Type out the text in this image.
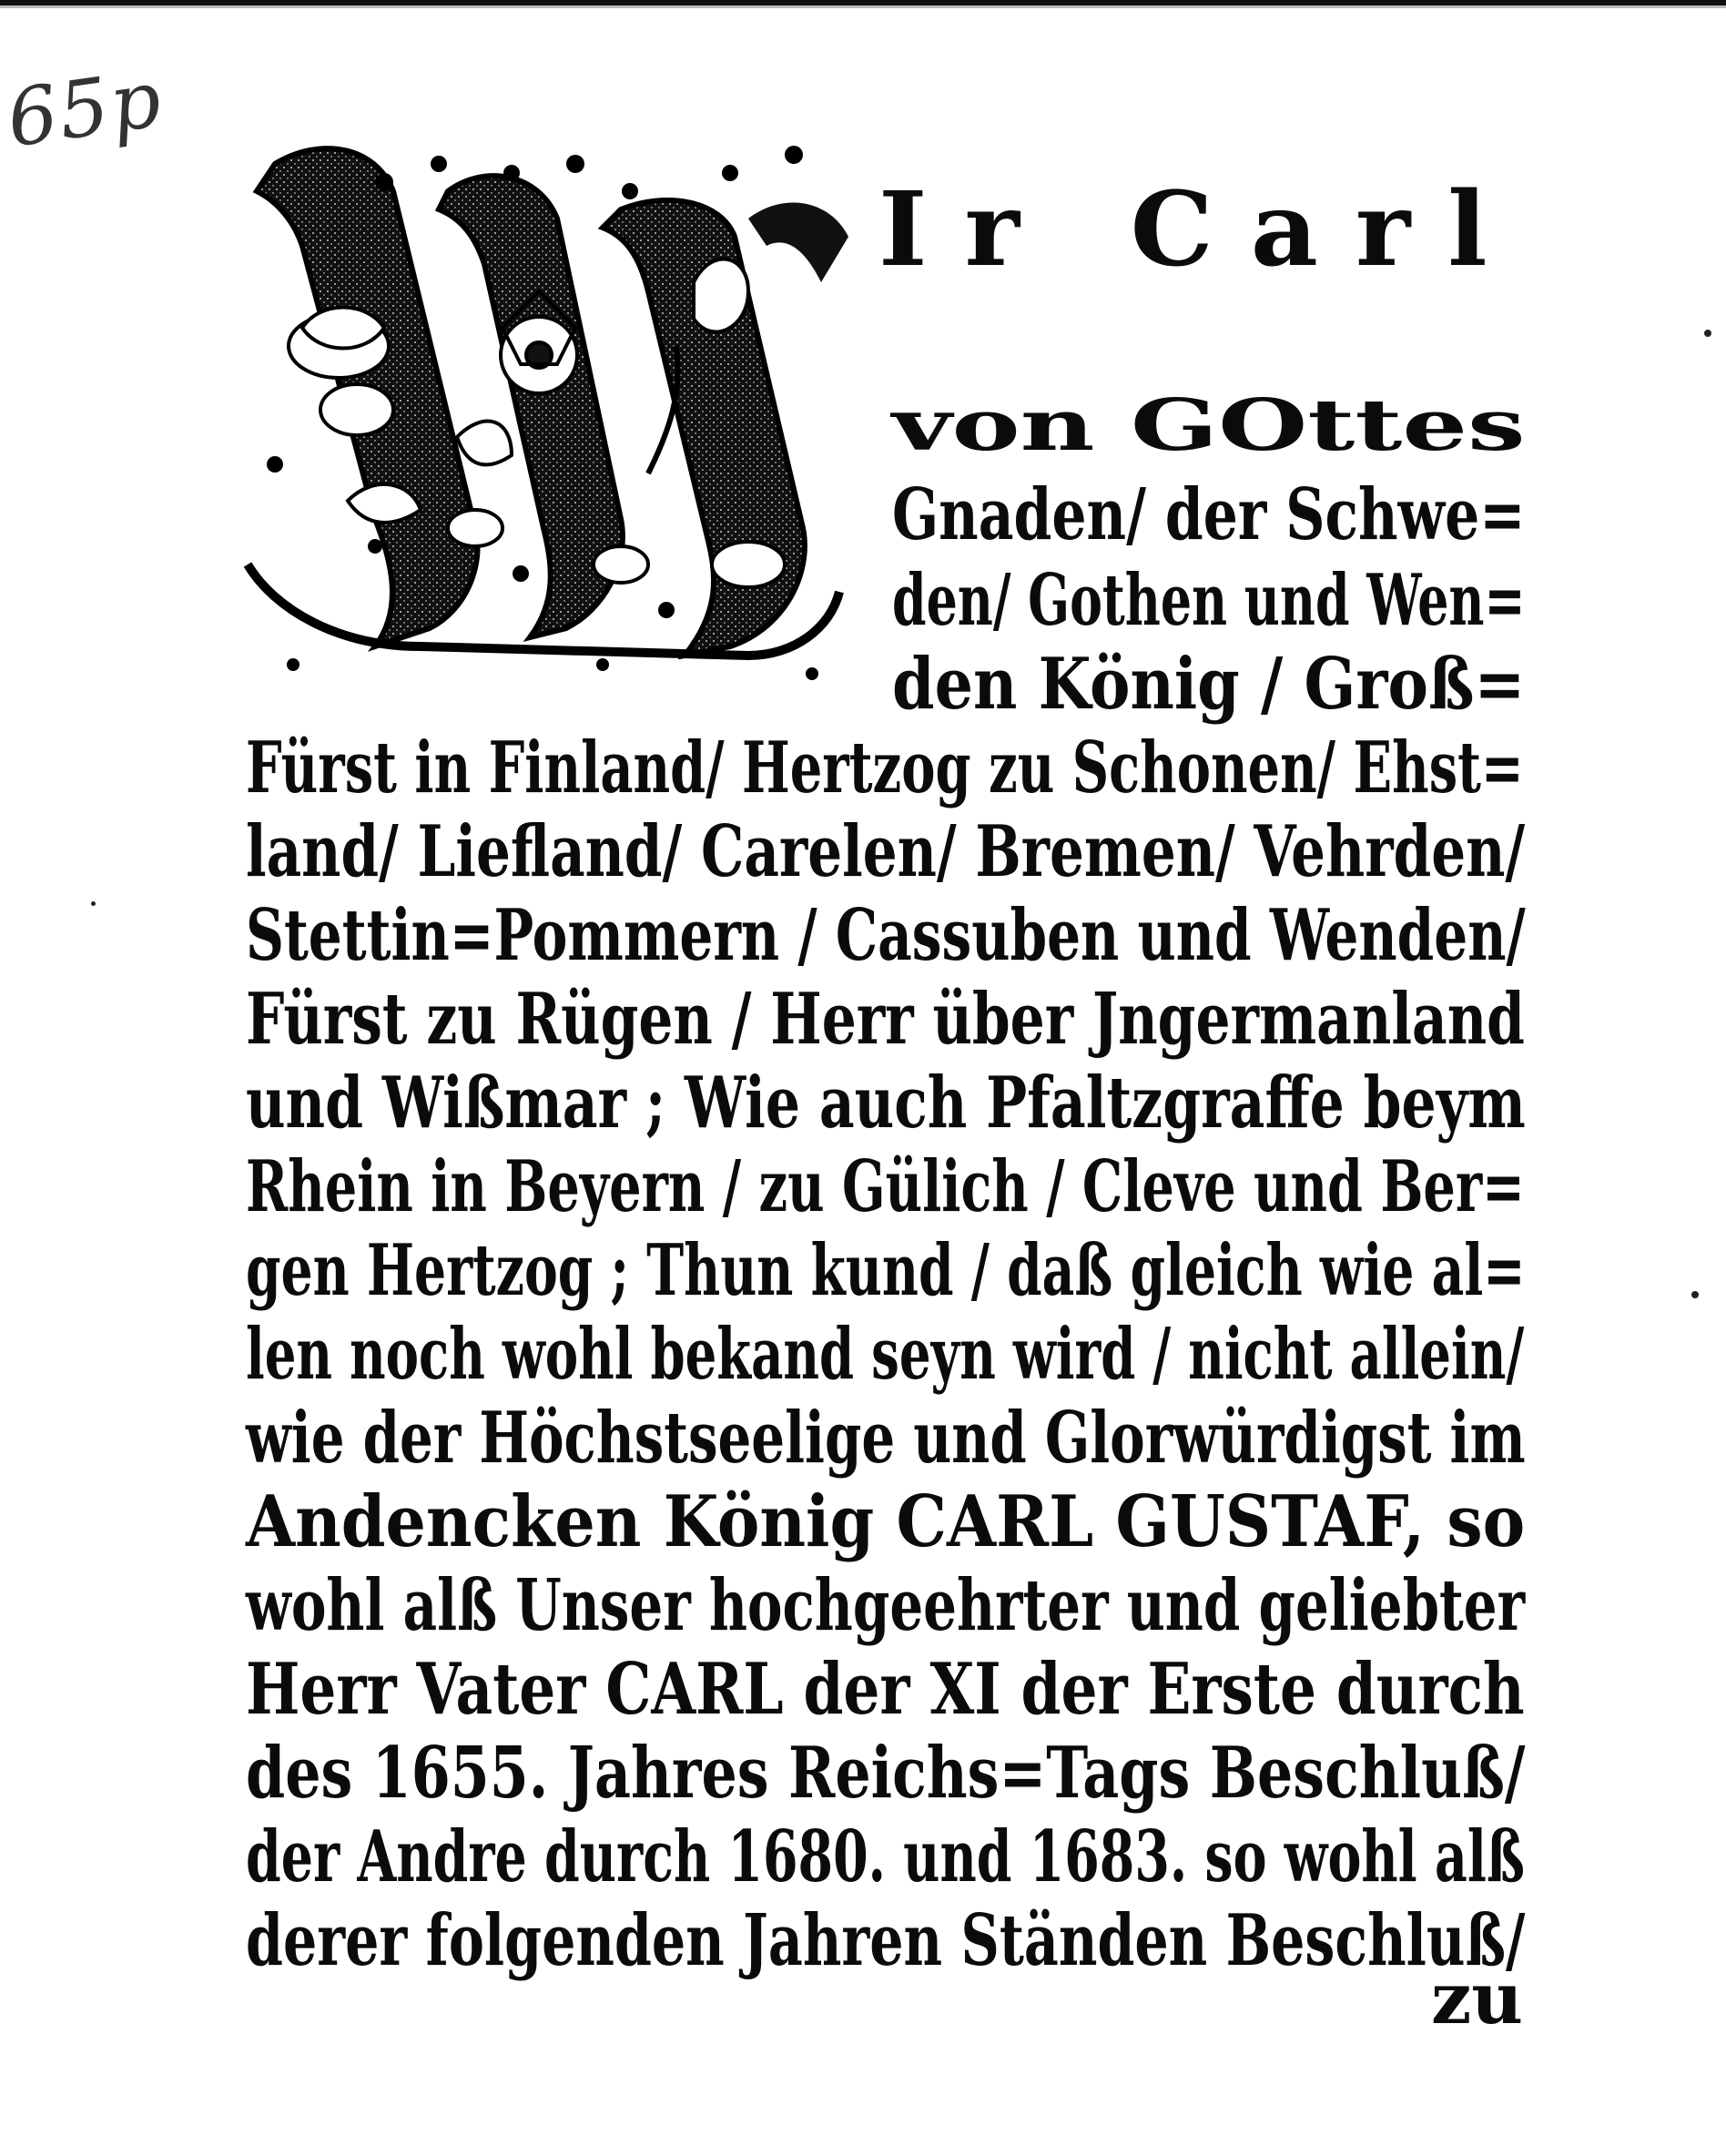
65p

Ir Carl

von GOttes

Gnaden/ der Schwe=

den/ Gothen und Wen=

den König / Groß=

Fürst in Finland/ Hertzog zu Schonen/ Ehst=

land/ Liefland/ Carelen/ Bremen/ Vehrden/

Stettin=Pommern / Cassuben und Wenden/

Fürst zu Rügen / Herr über Jngermanland

und Wißmar ; Wie auch Pfaltzgraffe beym

Rhein in Beyern / zu Gülich / Cleve und Ber=

gen Hertzog ; Thun kund / daß gleich wie al=

len noch wohl bekand seyn wird / nicht allein/

wie der Höchstseelige und Glorwürdigst im

Andencken König CARL GUSTAF, so

wohl alß Unser hochgeehrter und geliebter

Herr Vater CARL der XI der Erste durch

des 1655. Jahres Reichs=Tags Beschluß/

der Andre durch 1680. und 1683. so wohl alß

derer folgenden Jahren Ständen Beschluß/

zu
